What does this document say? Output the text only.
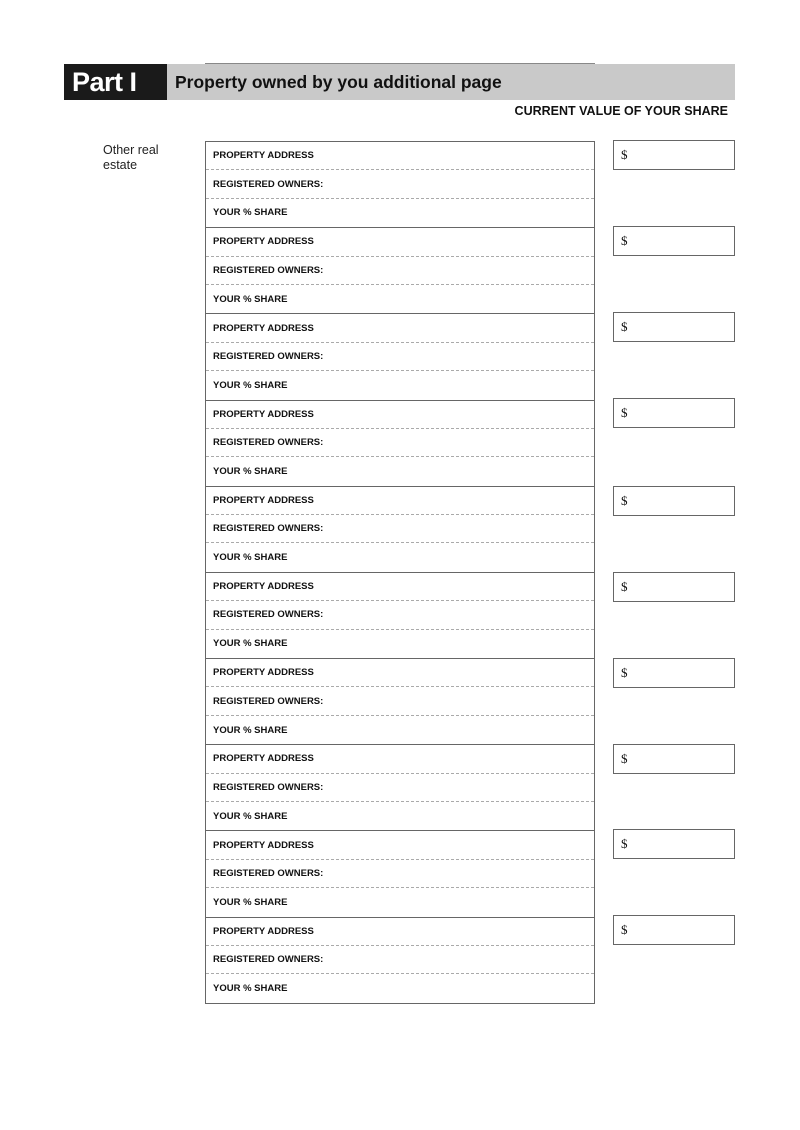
Part I	Property owned by you additional page
CURRENT VALUE OF YOUR SHARE
Other real estate
PROPERTY ADDRESS
REGISTERED OWNERS:
YOUR % SHARE
PROPERTY ADDRESS
REGISTERED OWNERS:
YOUR % SHARE
PROPERTY ADDRESS
REGISTERED OWNERS:
YOUR % SHARE
PROPERTY ADDRESS
REGISTERED OWNERS:
YOUR % SHARE
PROPERTY ADDRESS
REGISTERED OWNERS:
YOUR % SHARE
PROPERTY ADDRESS
REGISTERED OWNERS:
YOUR % SHARE
PROPERTY ADDRESS
REGISTERED OWNERS:
YOUR % SHARE
PROPERTY ADDRESS
REGISTERED OWNERS:
YOUR % SHARE
PROPERTY ADDRESS
REGISTERED OWNERS:
YOUR % SHARE
PROPERTY ADDRESS
REGISTERED OWNERS:
YOUR % SHARE
$
$
$
$
$
$
$
$
$
$
